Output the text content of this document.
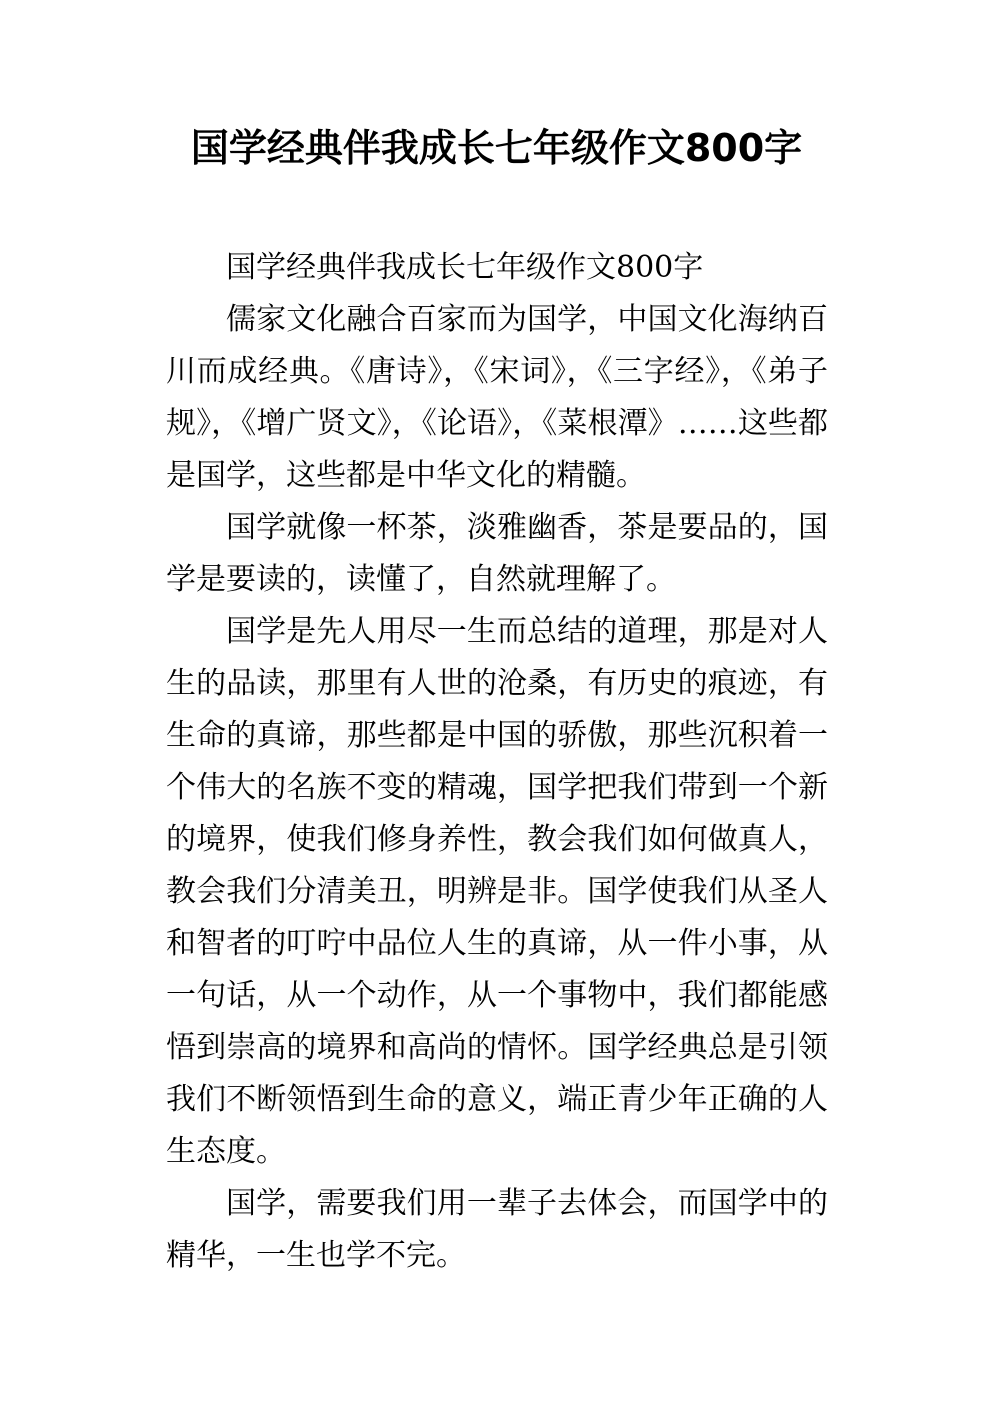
国学经典伴我成长七年级作文800字

国学经典伴我成长七年级作文800字

儒家文化融合百家而为国学，中国文化海纳百川而成经典。《唐诗》，《宋词》，《三字经》，《弟子规》，《增广贤文》，《论语》，《菜根潭》……这些都是国学，这些都是中华文化的精髓。

国学就像一杯茶，淡雅幽香，茶是要品的，国学是要读的，读懂了，自然就理解了。

国学是先人用尽一生而总结的道理，那是对人生的品读，那里有人世的沧桑，有历史的痕迹，有生命的真谛，那些都是中国的骄傲，那些沉积着一个伟大的名族不变的精魂，国学把我们带到一个新的境界，使我们修身养性，教会我们如何做真人，教会我们分清美丑，明辨是非。国学使我们从圣人和智者的叮咛中品位人生的真谛，从一件小事，从一句话，从一个动作，从一个事物中，我们都能感悟到崇高的境界和高尚的情怀。国学经典总是引领我们不断领悟到生命的意义，端正青少年正确的人生态度。

国学，需要我们用一辈子去体会，而国学中的精华，一生也学不完。
